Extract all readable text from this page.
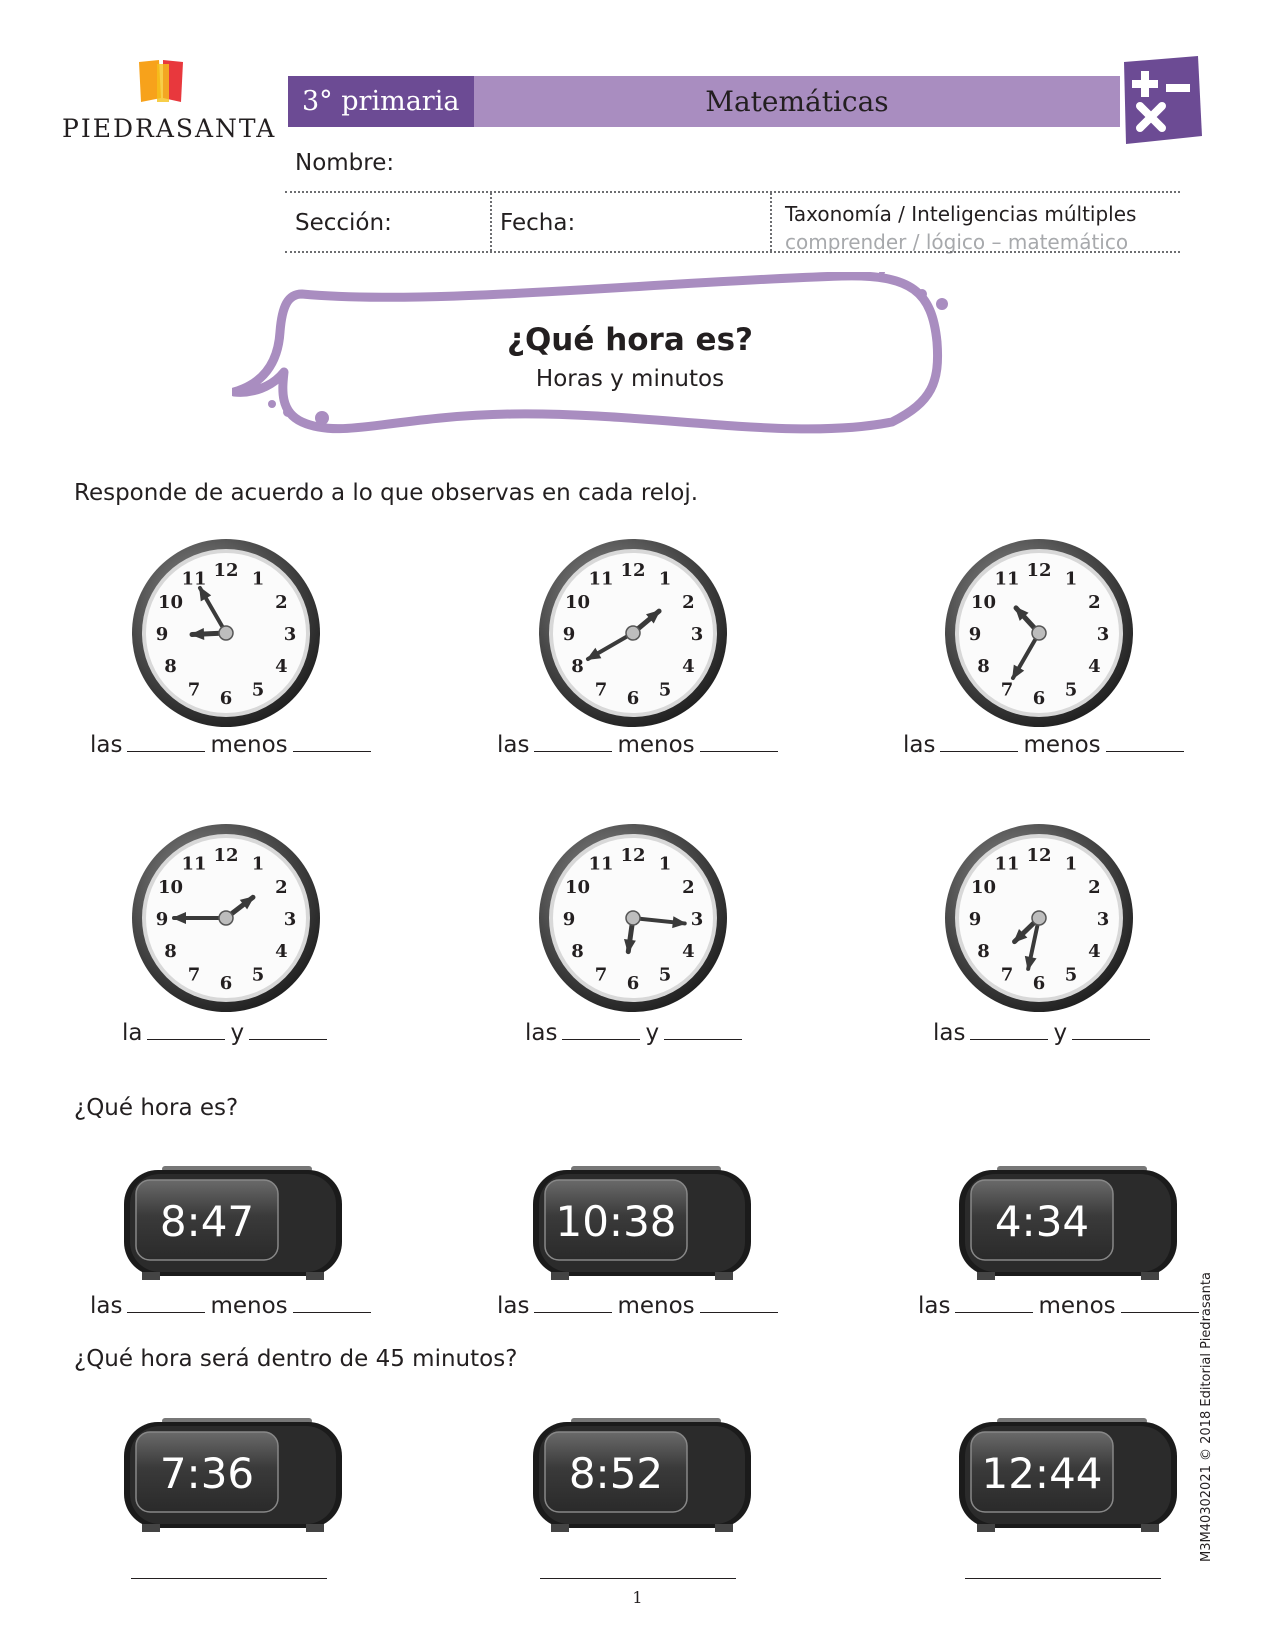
PIEDRASANTA
3° primaria	Matemáticas
Nombre:
Sección:	Fecha:	Taxonomía / Inteligencias múltiples
comprender / lógico – matemático
¿Qué hora es?
Horas y minutos
Responde de acuerdo a lo que observas en cada reloj.
12 1
2
3
4
5
6
7
8
9
10
11	12 1
2
3
4
5
6
7
8
9
10
11	12 1
2
3
4
5
6
7
8
9
10
11
12 1
2
3
4
5
6
7
8
9
10
11	12 1
2
3
4
5
6
7
8
9
10
11	12 1
2
3
4
5
6
7
8
9
10
11
¿Qué hora es?
¿Qué hora será dentro de 45 minutos?
8:47	10:38	4:34
7:36	8:52	12:44
1
M3M4030202​1 © 2018 Editorial Piedrasanta
las	menos	las	menos	las	menos
la	y	las	y	las	y
las	menos	las	menos	las	menos
